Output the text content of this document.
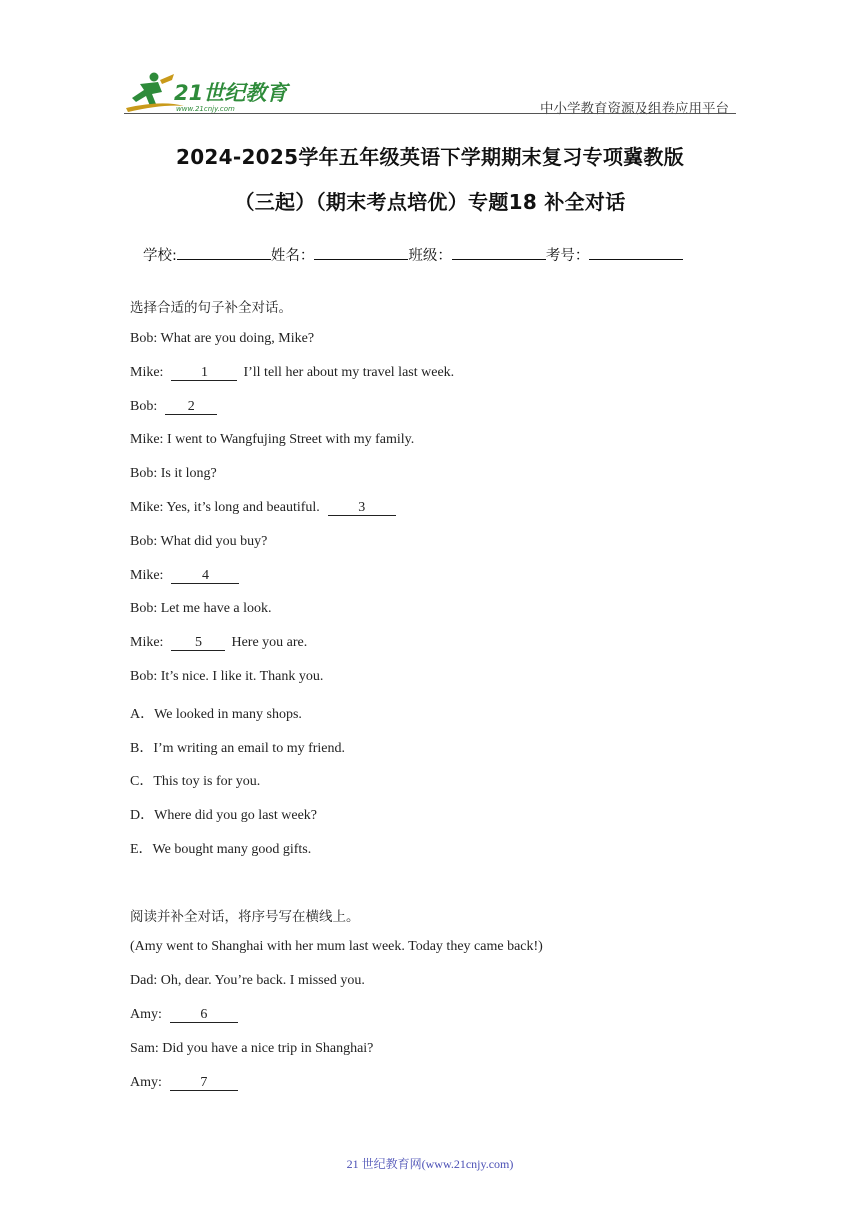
21世纪教育
www.21cnjy.com	中小学教育资源及组卷应用平台
2024-2025学年五年级英语下学期期末复习专项冀教版
（三起）（期末考点培优）专题18 补全对话
学校:	姓名：	班级：	考号：
选择合适的句子补全对话。
Bob: What are you doing, Mike?
Mike:	1	I’ll tell her about my travel last week.
Bob: 2
Mike: I went to Wangfujing Street with my family.
Bob: Is it long?
Mike: Yes, it’s long and beautiful.	3
Bob: What did you buy?
Mike:	4
Bob: Let me have a look.
Mike: 5 Here you are.
Bob: It’s nice. I like it. Thank you.
A．We looked in many shops.
B．I’m writing an email to my friend.
C．This toy is for you.
D．Where did you go last week?
E．We bought many good gifts.
阅读并补全对话，将序号写在横线上。
(Amy went to Shanghai with her mum last week. Today they came back!)
Dad: Oh, dear. You’re back. I missed you.
Amy:	6
Sam: Did you have a nice trip in Shanghai?
Amy:	7
21 世纪教育网(www.21cnjy.com)
